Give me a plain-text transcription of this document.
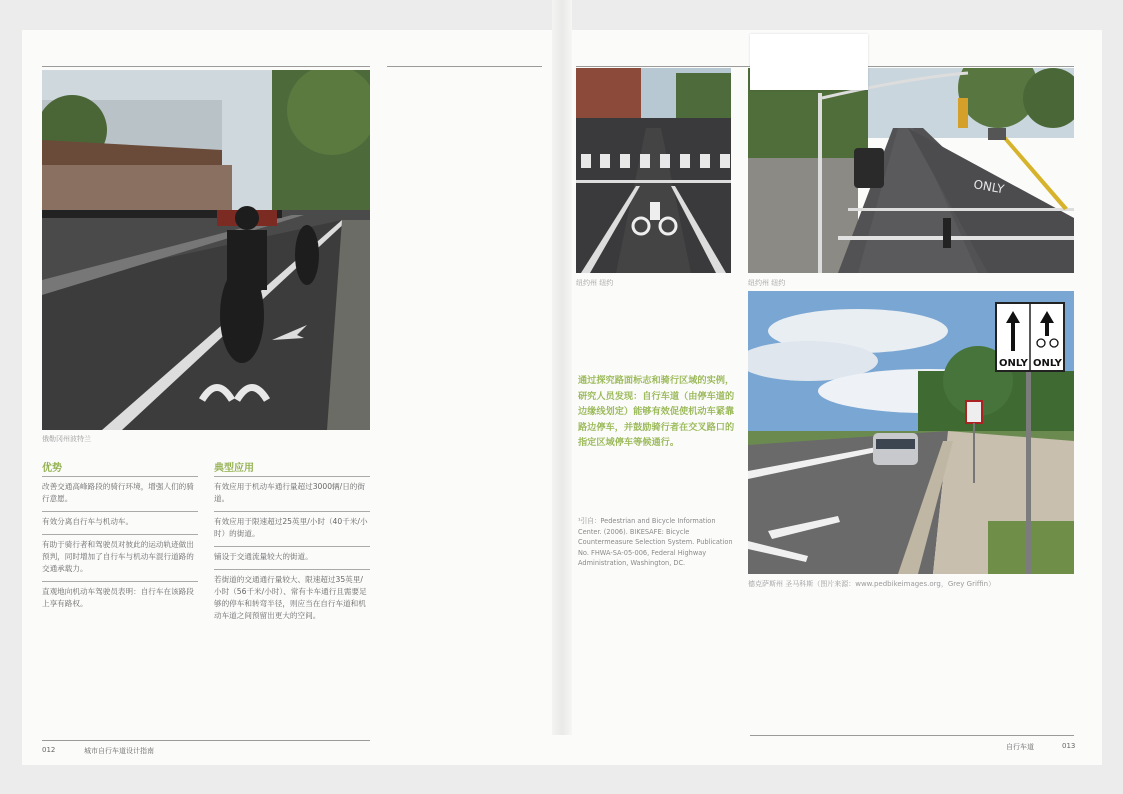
俄勒冈州波特兰
优势
改善交通高峰路段的骑行环境，增强人们的骑行意愿。
有效分离自行车与机动车。
有助于骑行者和驾驶员对彼此的运动轨迹做出预判，同时增加了自行车与机动车混行道路的交通承载力。
直观地向机动车驾驶员表明：自行车在该路段上享有路权。
典型应用
有效应用于机动车通行量超过3000辆/日的街道。
有效应用于限速超过25英里/小时（40千米/小时）的街道。
铺设于交通流量较大的街道。
若街道的交通通行量较大、限速超过35英里/小时（56千米/小时）、常有卡车通行且需要足够的停车和转弯半径，则应当在自行车道和机动车道之间预留出更大的空间。
012	城市自行车道设计指南
纽约州 纽约
ONLY
纽约州 纽约
ONLY ONLY
德克萨斯州 圣马科斯（图片来源：www.pedbikeimages.org，Grey Griffin）
通过探究路面标志和骑行区域的实例，研究人员发现：自行车道（由停车道的边缘线划定）能够有效促使机动车紧靠路边停车，并鼓励骑行者在交叉路口的指定区域停车等候通行。
¹引自：Pedestrian and Bicycle Information Center. (2006). BIKESAFE: Bicycle Countermeasure Selection System. Publication No. FHWA-SA-05-006, Federal Highway Administration, Washington, DC.
自行车道	013
